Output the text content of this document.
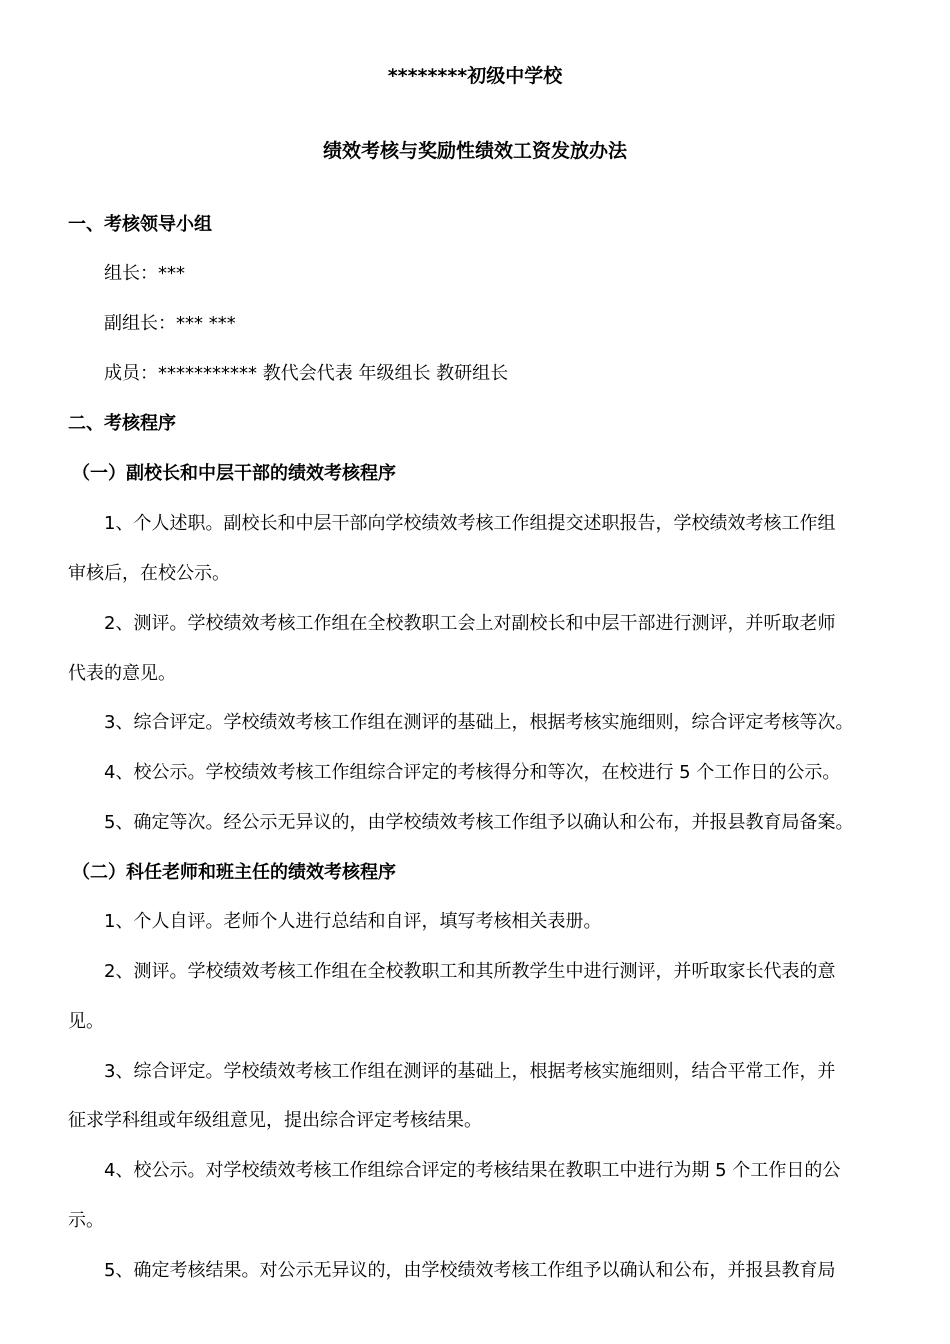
********初级中学校
绩效考核与奖励性绩效工资发放办法
一、考核领导小组
组长：***
副组长：*** ***
成员：*********** 教代会代表 年级组长 教研组长
二、考核程序
（一）副校长和中层干部的绩效考核程序
1、个人述职。副校长和中层干部向学校绩效考核工作组提交述职报告，学校绩效考核工作组
审核后，在校公示。
2、测评。学校绩效考核工作组在全校教职工会上对副校长和中层干部进行测评，并听取老师
代表的意见。
3、综合评定。学校绩效考核工作组在测评的基础上，根据考核实施细则，综合评定考核等次。
4、校公示。学校绩效考核工作组综合评定的考核得分和等次，在校进行 5 个工作日的公示。
5、确定等次。经公示无异议的，由学校绩效考核工作组予以确认和公布，并报县教育局备案。
（二）科任老师和班主任的绩效考核程序
1、个人自评。老师个人进行总结和自评，填写考核相关表册。
2、测评。学校绩效考核工作组在全校教职工和其所教学生中进行测评，并听取家长代表的意
见。
3、综合评定。学校绩效考核工作组在测评的基础上，根据考核实施细则，结合平常工作，并
征求学科组或年级组意见，提出综合评定考核结果。
4、校公示。对学校绩效考核工作组综合评定的考核结果在教职工中进行为期 5 个工作日的公
示。
5、确定考核结果。对公示无异议的，由学校绩效考核工作组予以确认和公布，并报县教育局
